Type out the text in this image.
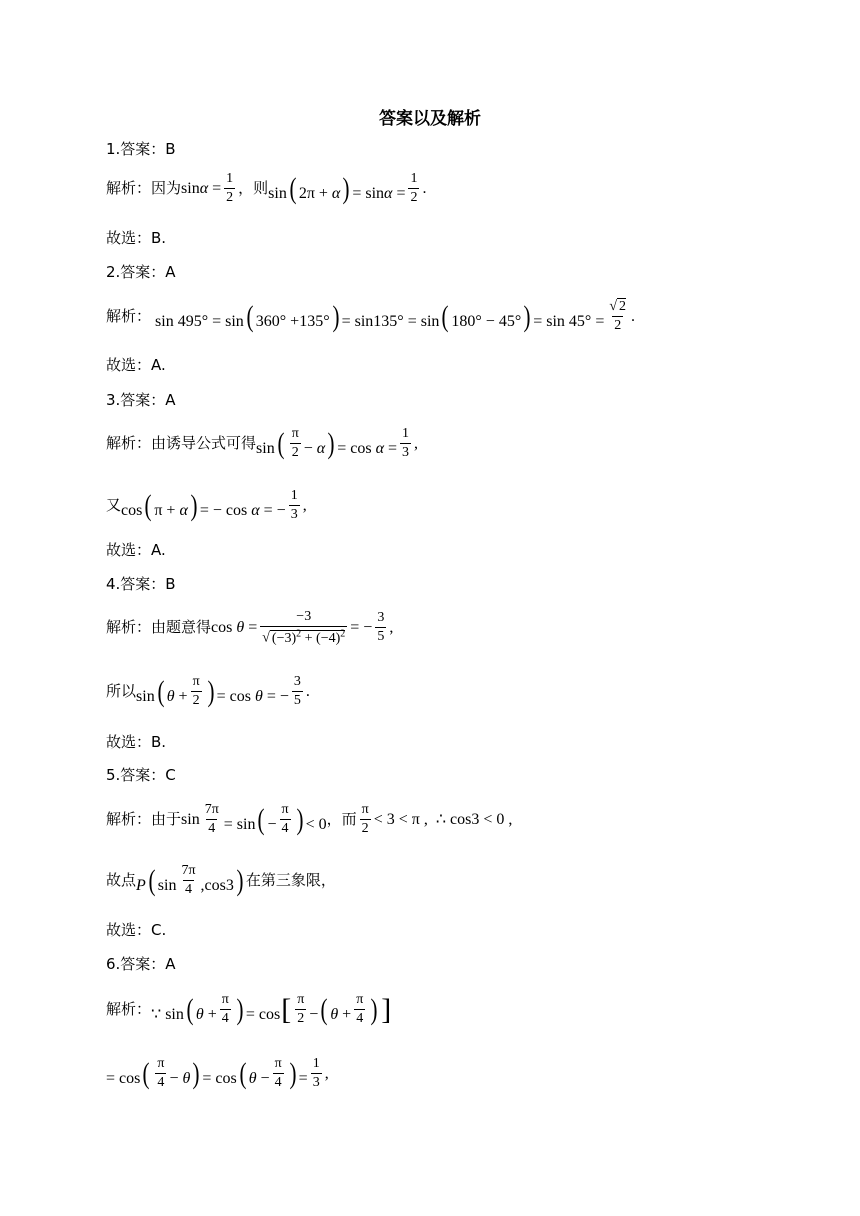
答案以及解析
1.答案：B
解析：因为 $\sin\alpha = \frac{1}{2}$ ，则 sin( $2\pi + \alpha) = \sin\alpha = \frac{1}{2}$ .
故选：B.
2.答案：A
解析： sin 495° = sin( 360° +135°) = sin135° = sin( $180^\circ - 45^\circ) = \sin 45^\circ = \frac{√ 2}{2}$ .
故选：A.
3.答案：A
解析：由诱导公式可得 $\sin( \frac{\pi}{2} - \alpha) = \cos \alpha = \frac{1}{3}$ ,
又 cos( π + α) = − cos α = − $\frac{1}{3}$ ,
故选：A.
4.答案：B
解析：由题意得 $\cos \theta = \frac{-3}{√ (-3)^2 + (-4)^2}$ = − $\frac{3}{5}$ ,
所以 sin( $\theta + \frac{\pi}{2}$ ) = cos θ = − $\frac{3}{5}$ .
故选：B.
5.答案：C
解析：由于 $\sin \frac{7\pi}{4} = \sin( - \frac{\pi}{4}$ ) < 0 ，而 $\frac{\pi}{2} < 3 < \pi$ ,  ∴ cos3 < 0 ,
故点 P( $\sin \frac{7\pi}{4} ,\cos 3$) 在第三象限，
故选：C.
6.答案：A
解析： ∵ sin( $\theta + \frac{\pi}{4}$ ) = $\cos[ \frac{\pi}{2}$ −( $\theta + \frac{\pi}{4}$ ) ]
= $\cos( \frac{\pi}{4} - \theta) = \cos$( $\theta - \frac{\pi}{4}$ ) = $\frac{1}{3}$ ,
